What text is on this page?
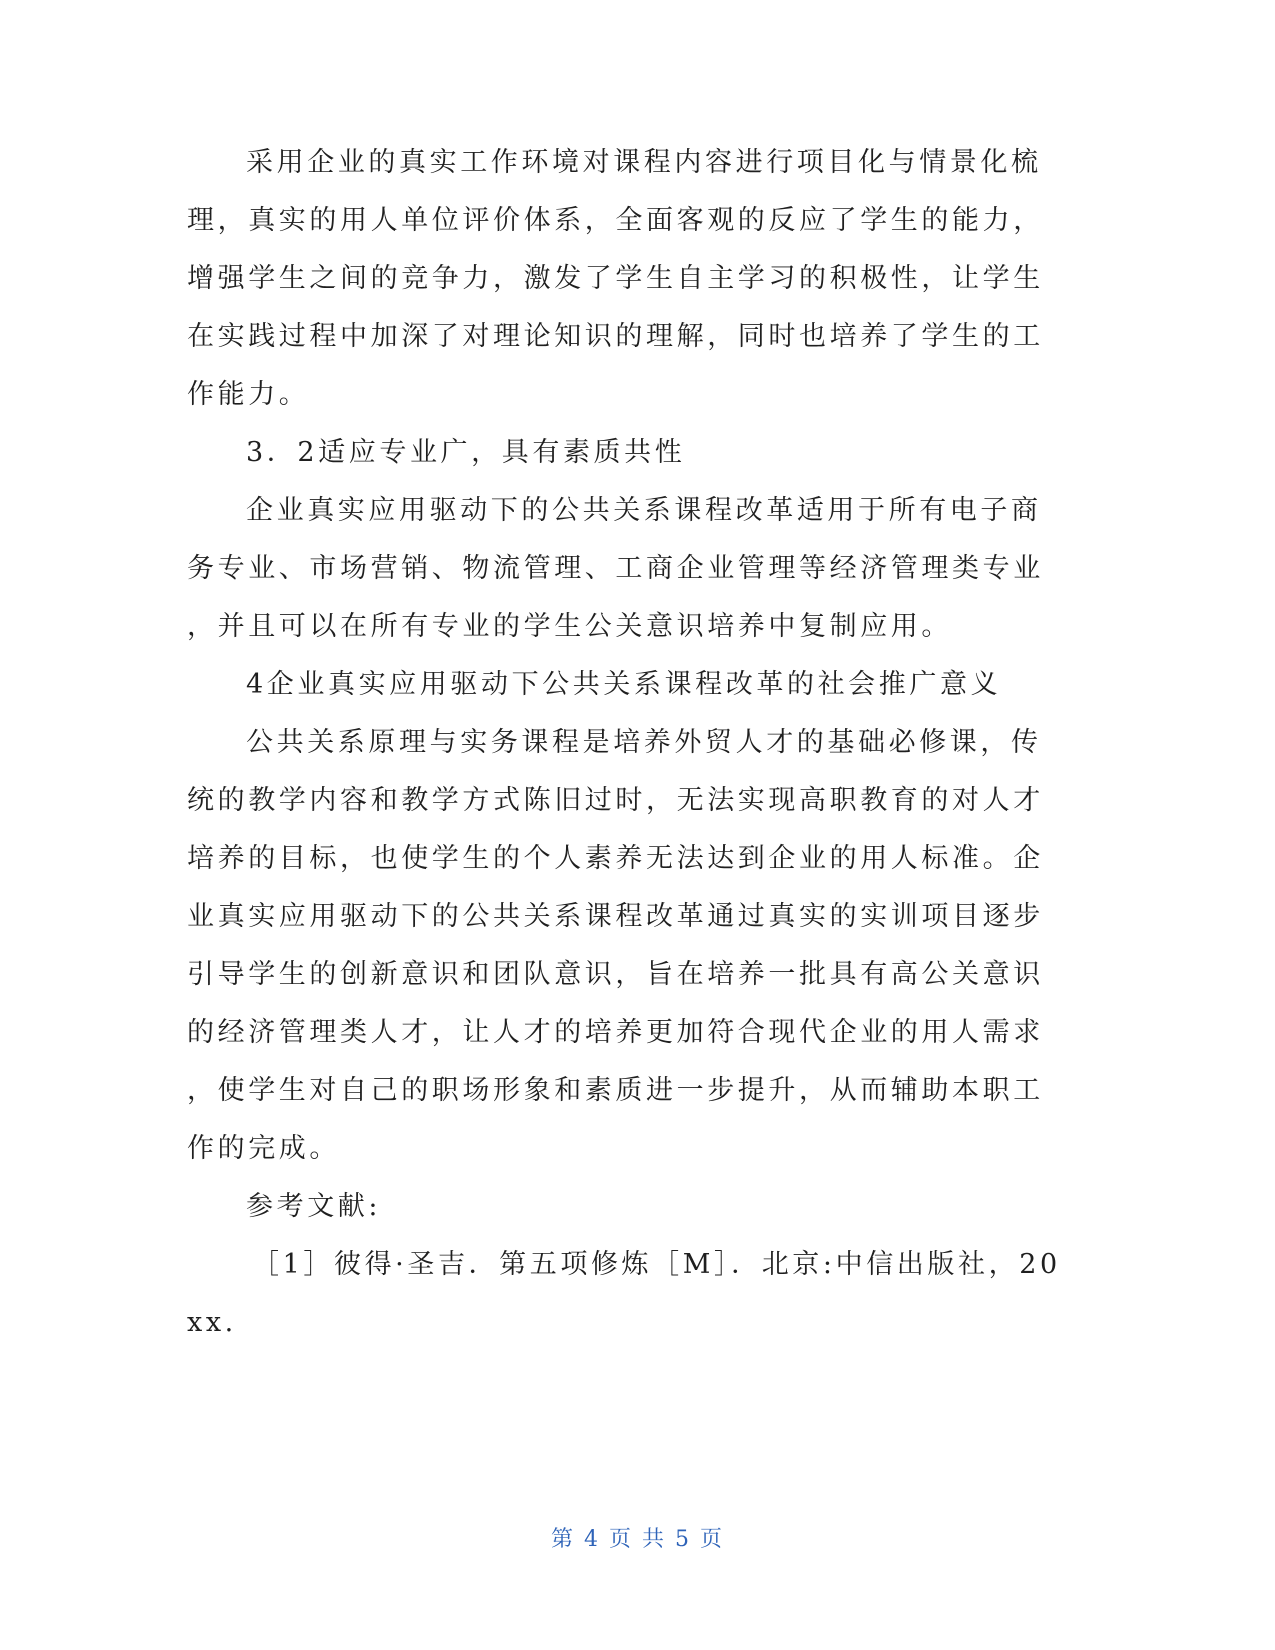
采用企业的真实工作环境对课程内容进行项目化与情景化梳
理，真实的用人单位评价体系，全面客观的反应了学生的能力，
增强学生之间的竞争力，激发了学生自主学习的积极性，让学生
在实践过程中加深了对理论知识的理解，同时也培养了学生的工
作能力。
3．2适应专业广，具有素质共性
企业真实应用驱动下的公共关系课程改革适用于所有电子商
务专业、市场营销、物流管理、工商企业管理等经济管理类专业
，并且可以在所有专业的学生公关意识培养中复制应用。
4企业真实应用驱动下公共关系课程改革的社会推广意义
公共关系原理与实务课程是培养外贸人才的基础必修课，传
统的教学内容和教学方式陈旧过时，无法实现高职教育的对人才
培养的目标，也使学生的个人素养无法达到企业的用人标准。企
业真实应用驱动下的公共关系课程改革通过真实的实训项目逐步
引导学生的创新意识和团队意识，旨在培养一批具有高公关意识
的经济管理类人才，让人才的培养更加符合现代企业的用人需求
，使学生对自己的职场形象和素质进一步提升，从而辅助本职工
作的完成。
参考文献:
［1］彼得·圣吉．第五项修炼［M］．北京:中信出版社，20
xx.
第 4 页 共 5 页
